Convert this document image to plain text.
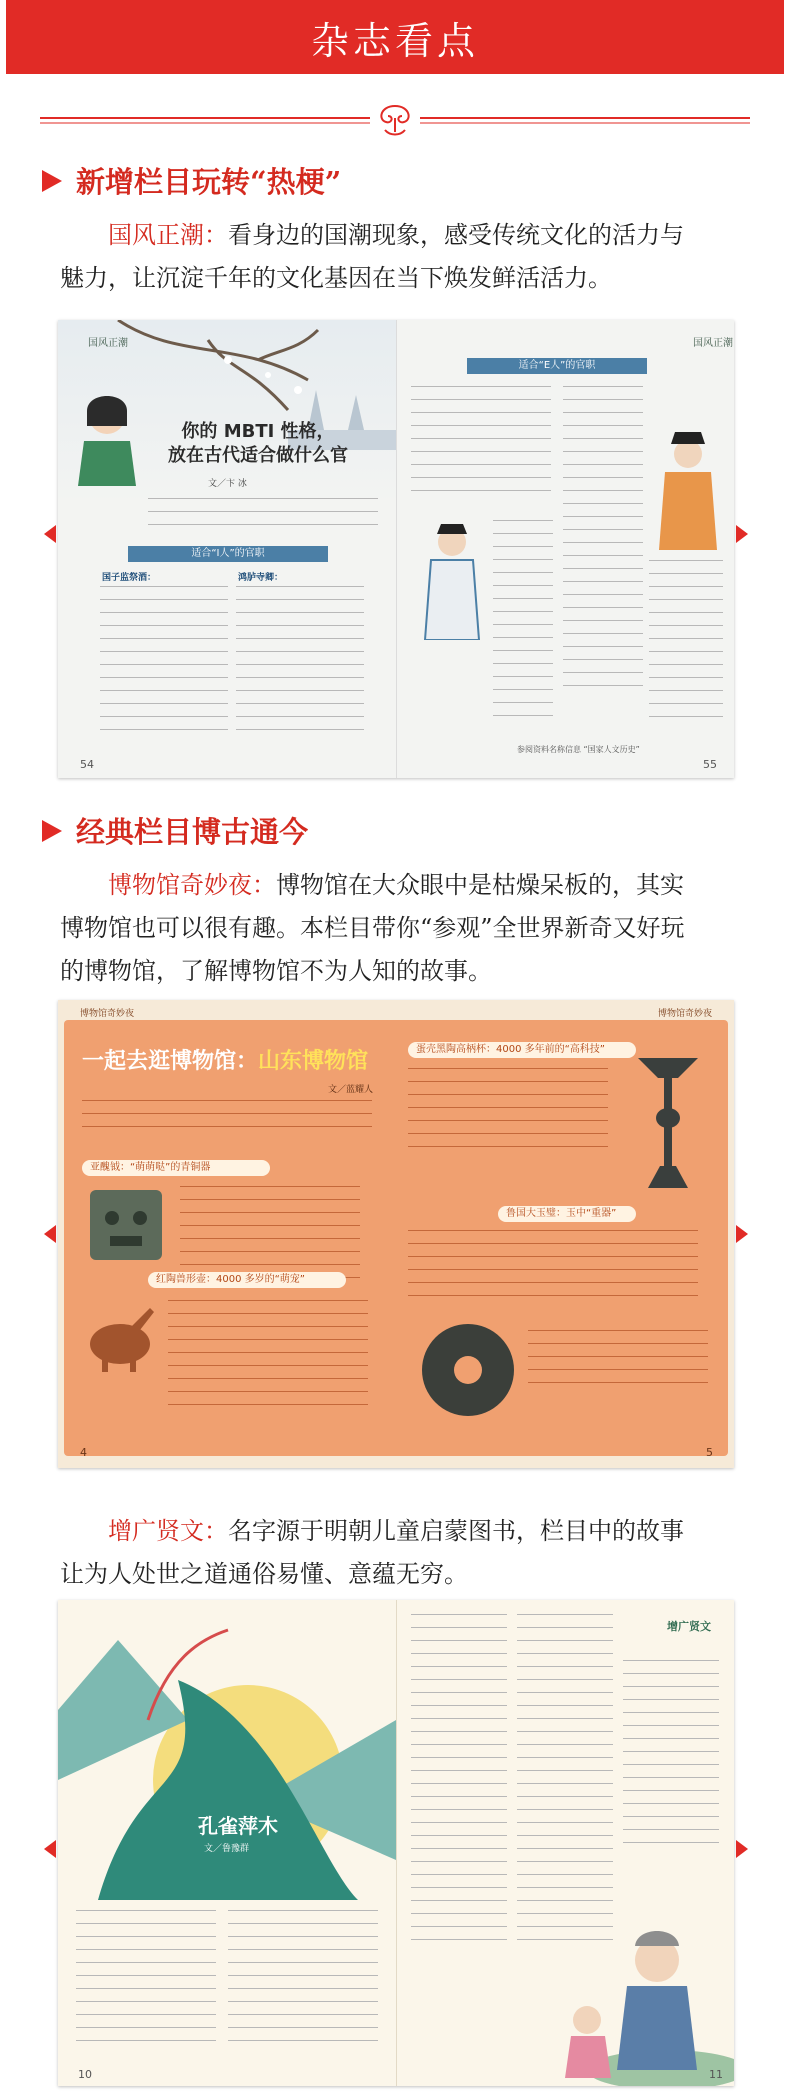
杂志看点
新增栏目玩转“热梗”
国风正潮：看身边的国潮现象，感受传统文化的活力与魅力，让沉淀千年的文化基因在当下焕发鲜活活力。
国风正潮
你的 MBTI 性格，
放在古代适合做什么官
文／卞 冰
适合“I人”的官职
国子监祭酒：	鸿胪寺卿：
54
国风正潮
适合“E人”的官职
参阅资料名称信息 “国家人文历史”
55
经典栏目博古通今
博物馆奇妙夜：博物馆在大众眼中是枯燥呆板的，其实博物馆也可以很有趣。本栏目带你“参观”全世界新奇又好玩的博物馆，了解博物馆不为人知的故事。
博物馆奇妙夜	博物馆奇妙夜
一起去逛博物馆：山东博物馆
文／蓝耀人
亚醜钺：“萌萌哒”的青铜器
红陶兽形壶：4000 多岁的“萌宠”
蛋壳黑陶高柄杯：4000 多年前的“高科技”
鲁国大玉璧：玉中“重器”
4	5
增广贤文：名字源于明朝儿童启蒙图书，栏目中的故事让为人处世之道通俗易懂、意蕴无穷。
孔雀萍木
文／鲁豫群
10
增广贤文
11
